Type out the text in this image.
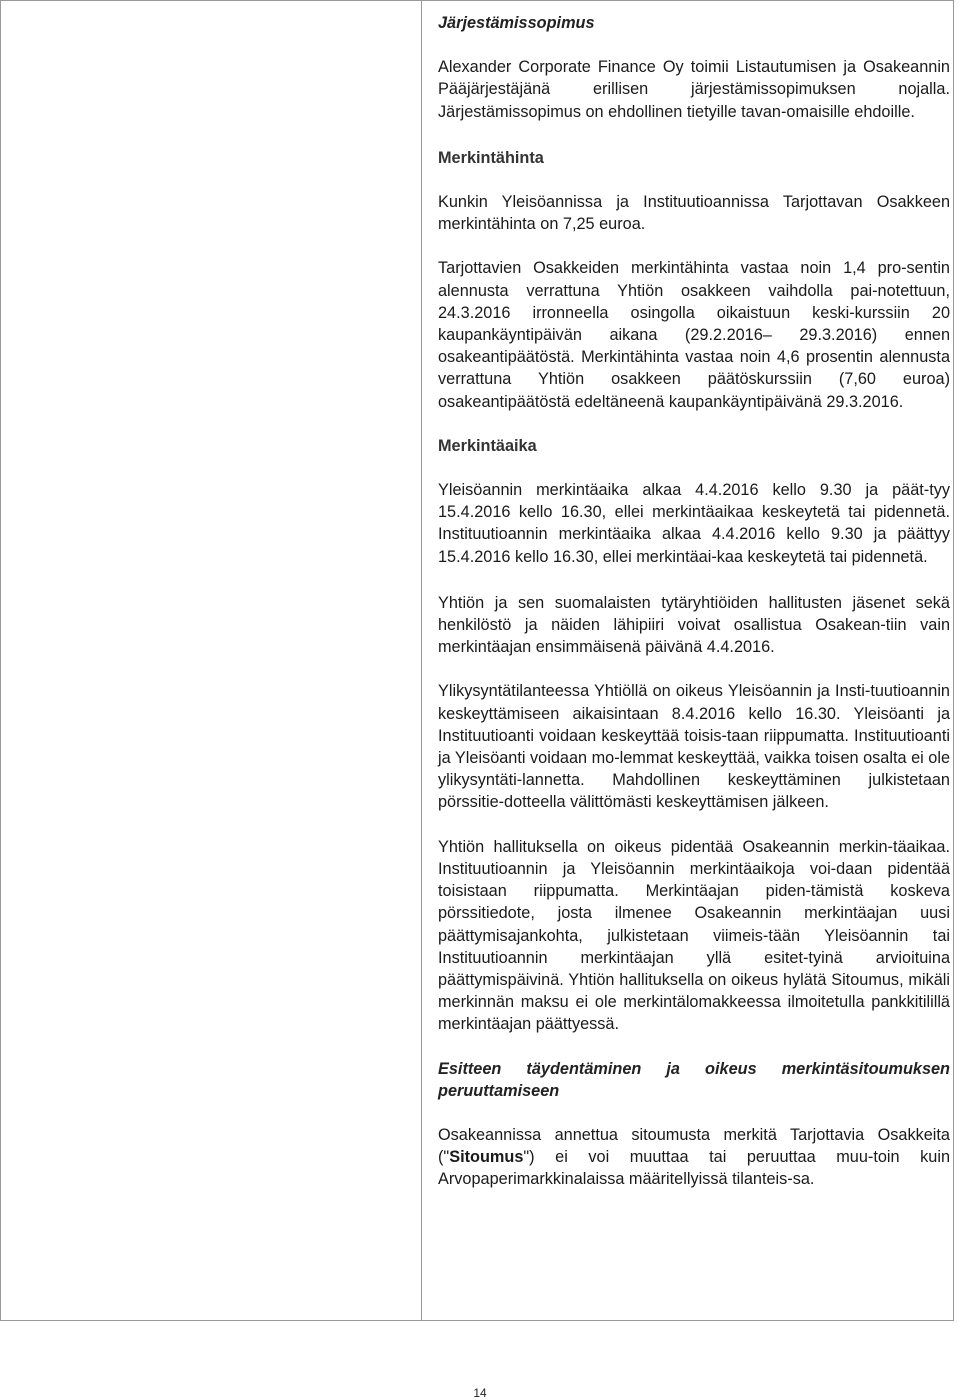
Järjestämissopimus

Alexander Corporate Finance Oy toimii Listautumisen ja Osakeannin Pääjärjestäjänä erillisen järjestämissopimuksen nojalla. Järjestämissopimus on ehdollinen tietyille tavan-omaisille ehdoille.

Merkintähinta

Kunkin Yleisöannissa ja Instituutioannissa Tarjottavan Osakkeen merkintähinta on 7,25 euroa.

Tarjottavien Osakkeiden merkintähinta vastaa noin 1,4 pro-sentin alennusta verrattuna Yhtiön osakkeen vaihdolla pai-notettuun, 24.3.2016 irronneella osingolla oikaistuun keski-kurssiin 20 kaupankäyntipäivän aikana (29.2.2016– 29.3.2016) ennen osakeantipäätöstä. Merkintähinta vastaa noin 4,6 prosentin alennusta verrattuna Yhtiön osakkeen päätöskurssiin (7,60 euroa) osakeantipäätöstä edeltäneenä kaupankäyntipäivänä 29.3.2016.

Merkintäaika

Yleisöannin merkintäaika alkaa 4.4.2016 kello 9.30 ja päät-tyy 15.4.2016 kello 16.30, ellei merkintäaikaa keskeytetä tai pidennetä. Instituutioannin merkintäaika alkaa 4.4.2016 kello 9.30 ja päättyy 15.4.2016 kello 16.30, ellei merkintäai-kaa keskeytetä tai pidennetä.

Yhtiön ja sen suomalaisten tytäryhtiöiden hallitusten jäsenet sekä henkilöstö ja näiden lähipiiri voivat osallistua Osakean-tiin vain merkintäajan ensimmäisenä päivänä 4.4.2016.

Ylikysyntätilanteessa Yhtiöllä on oikeus Yleisöannin ja Insti-tuutioannin keskeyttämiseen aikaisintaan 8.4.2016 kello 16.30. Yleisöanti ja Instituutioanti voidaan keskeyttää toisis-taan riippumatta. Instituutioanti ja Yleisöanti voidaan mo-lemmat keskeyttää, vaikka toisen osalta ei ole ylikysyntäti-lannetta. Mahdollinen keskeyttäminen julkistetaan pörssitie-dotteella välittömästi keskeyttämisen jälkeen.

Yhtiön hallituksella on oikeus pidentää Osakeannin merkin-täaikaa. Instituutioannin ja Yleisöannin merkintäaikoja voi-daan pidentää toisistaan riippumatta. Merkintäajan piden-tämistä koskeva pörssitiedote, josta ilmenee Osakeannin merkintäajan uusi päättymisajankohta, julkistetaan viimeis-tään Yleisöannin tai Instituutioannin merkintäajan yllä esitet-tyinä arvioituina päättymispäivinä. Yhtiön hallituksella on oikeus hylätä Sitoumus, mikäli merkinnän maksu ei ole merkintälomakkeessa ilmoitetulla pankkitilillä merkintäajan päättyessä.

Esitteen täydentäminen ja oikeus merkintäsitoumuksen peruuttamiseen

Osakeannissa annettua sitoumusta merkitä Tarjottavia Osakkeita ("Sitoumus") ei voi muuttaa tai peruuttaa muu-toin kuin Arvopaperimarkkinalaissa määritellyissä tilanteis-sa.

14
